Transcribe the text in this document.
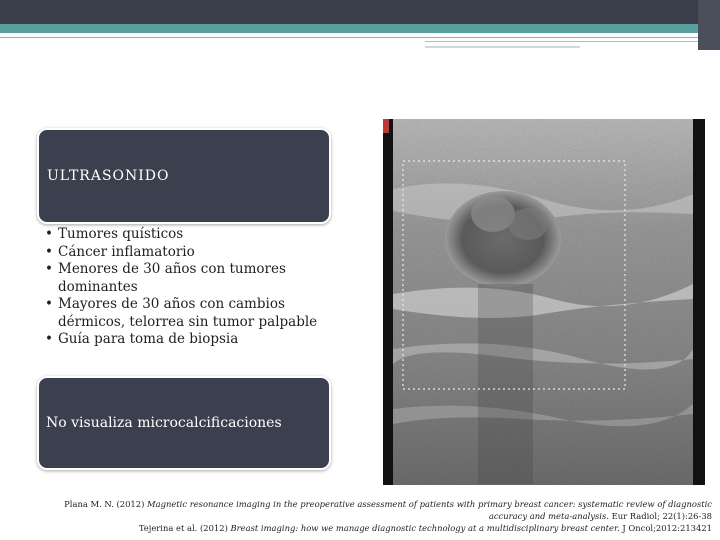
ULTRASONIDO
• Tumores quísticos
• Cáncer inflamatorio
• Menores de 30 años con tumores dominantes
• Mayores de 30 años con cambios dérmicos, telorrea sin tumor palpable
• Guía para toma de biopsia
No visualiza microcalcificaciones
Plana M. N. (2012) Magnetic resonance imaging in the preoperative assessment of patients with primary breast cancer: systematic review of diagnostic
accuracy and meta-analysis. Eur Radiol; 22(1):26-38
Tejerina et al. (2012) Breast imaging: how we manage diagnostic technology at a multidisciplinary breast center. J Oncol;2012:213421
